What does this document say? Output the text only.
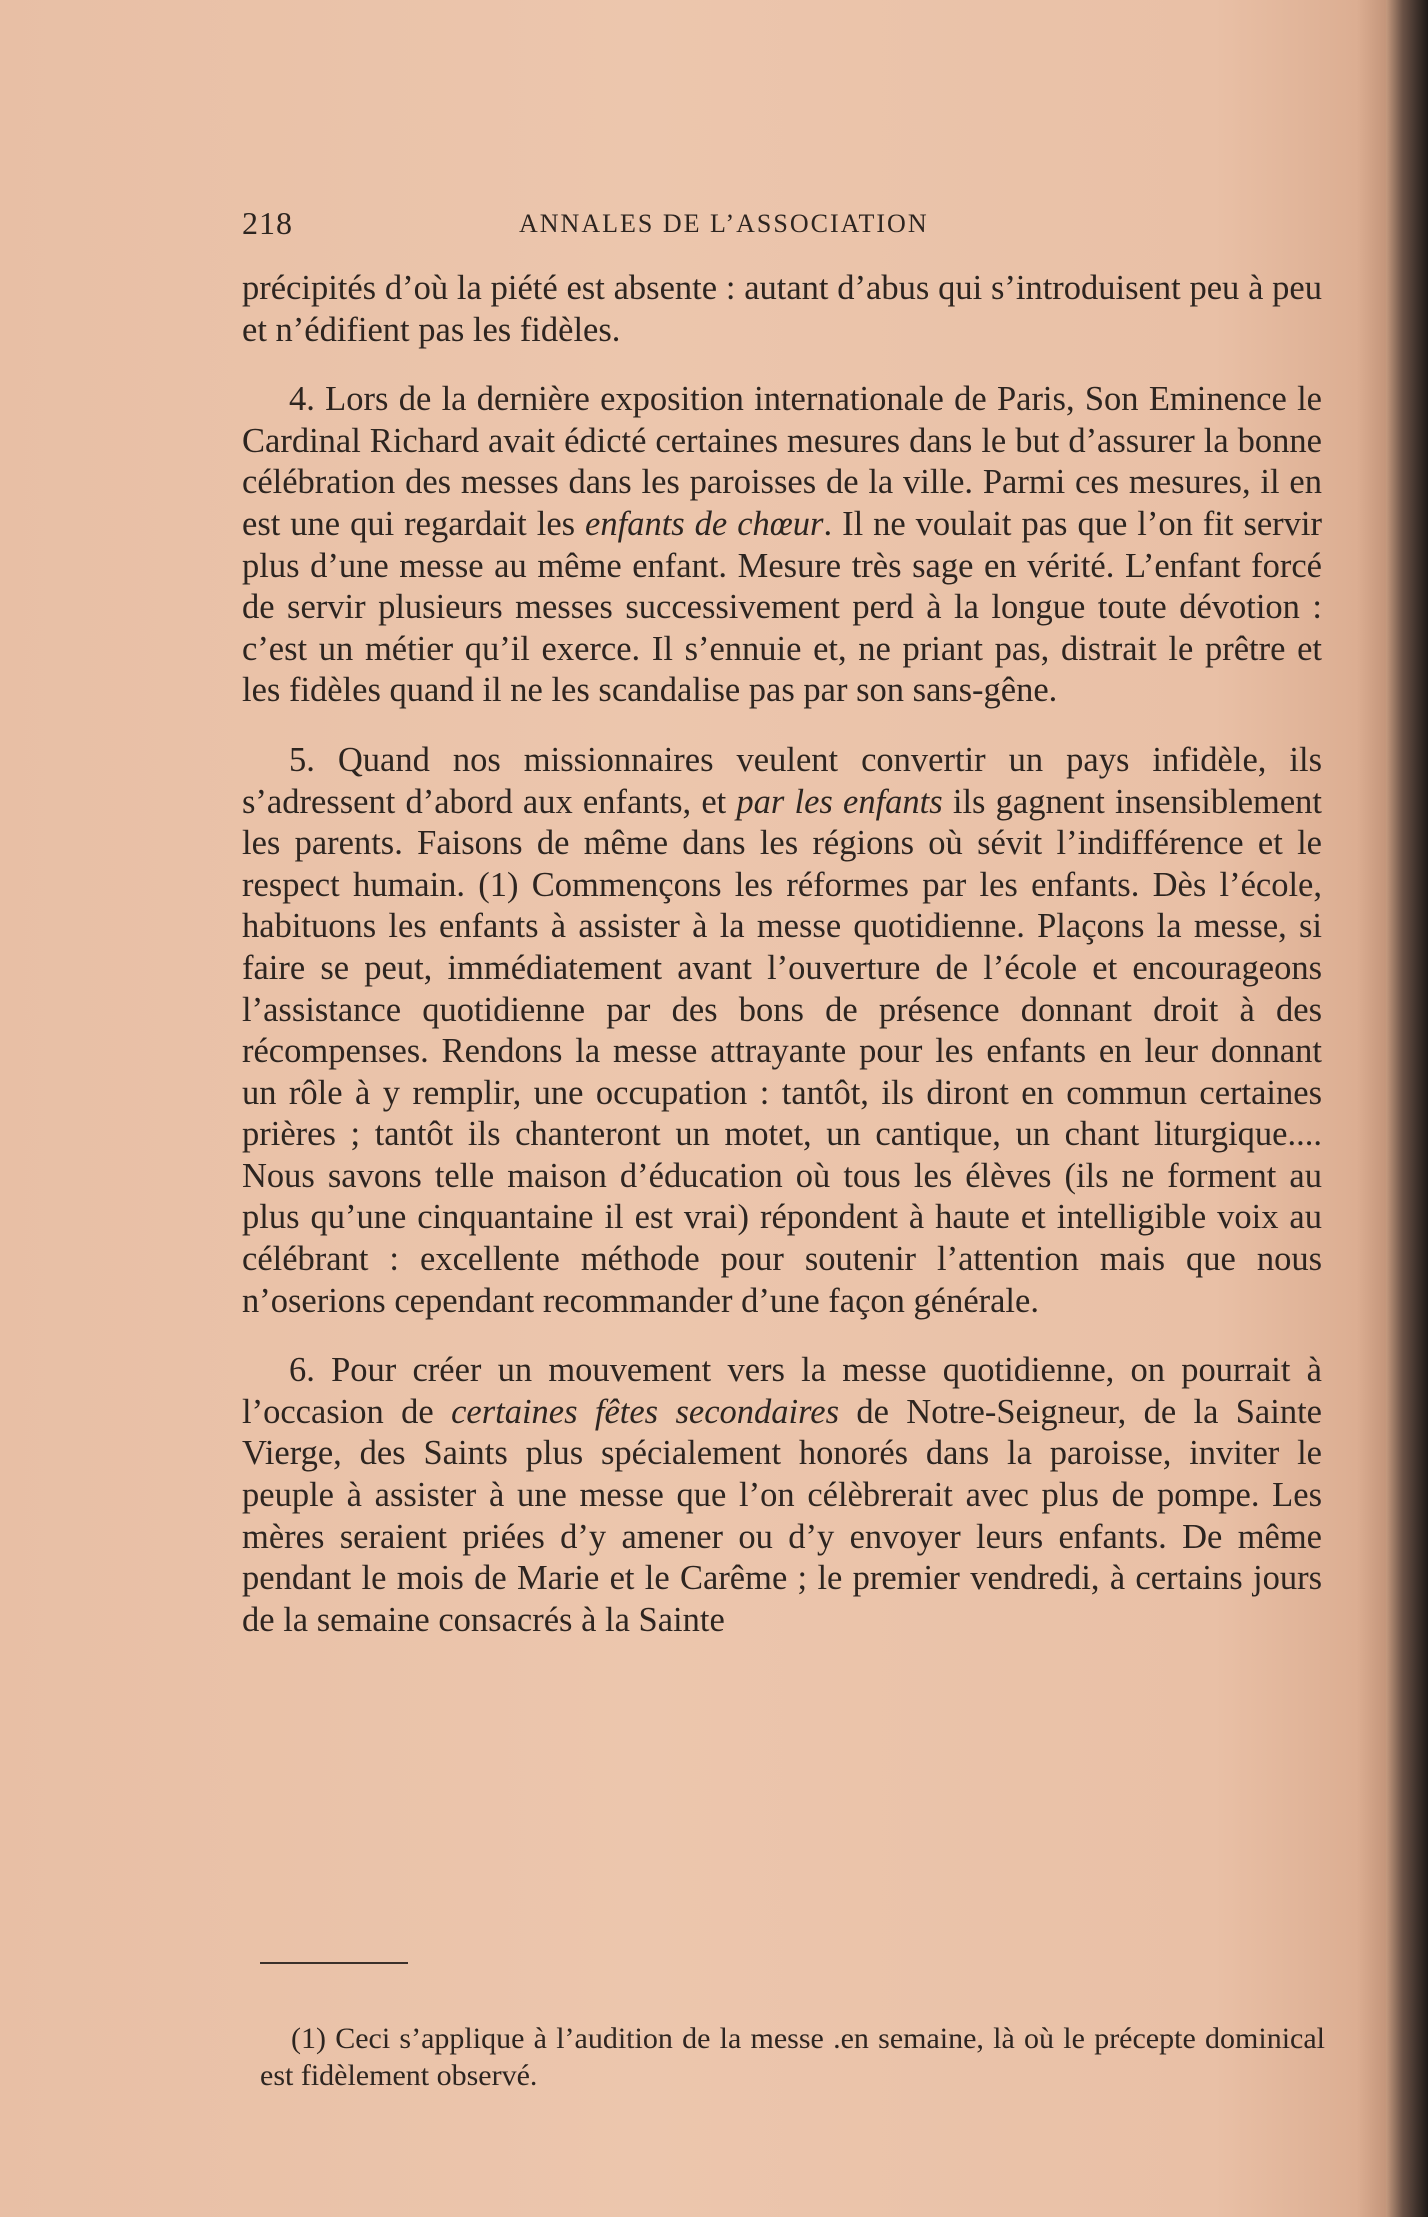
218	ANNALES DE L’ASSOCIATION

précipités d’où la piété est absente : autant d’abus qui s’introduisent peu à peu et n’édifient pas les fidèles.

4. Lors de la dernière exposition internationale de Paris, Son Eminence le Cardinal Richard avait édicté certaines mesures dans le but d’assurer la bonne célébration des messes dans les paroisses de la ville. Parmi ces mesures, il en est une qui regardait les enfants de chœur. Il ne voulait pas que l’on fit servir plus d’une messe au même enfant. Mesure très sage en vérité. L’enfant forcé de servir plusieurs messes successivement perd à la longue toute dévotion : c’est un métier qu’il exerce. Il s’ennuie et, ne priant pas, distrait le prêtre et les fidèles quand il ne les scandalise pas par son sans-gêne.

5. Quand nos missionnaires veulent convertir un pays infidèle, ils s’adressent d’abord aux enfants, et par les enfants ils gagnent insensiblement les parents. Faisons de même dans les régions où sévit l’indifférence et le respect humain. (1) Commençons les réformes par les enfants. Dès l’école, habituons les enfants à assister à la messe quotidienne. Plaçons la messe, si faire se peut, immédiatement avant l’ouverture de l’école et encourageons l’assistance quotidienne par des bons de présence donnant droit à des récompenses. Rendons la messe attrayante pour les enfants en leur donnant un rôle à y remplir, une occupation : tantôt, ils diront en commun certaines prières ; tantôt ils chanteront un motet, un cantique, un chant liturgique.... Nous savons telle maison d’éducation où tous les élèves (ils ne forment au plus qu’une cinquantaine il est vrai) répondent à haute et intelligible voix au célébrant : excellente méthode pour soutenir l’attention mais que nous n’oserions cependant recommander d’une façon générale.

6. Pour créer un mouvement vers la messe quotidienne, on pourrait à l’occasion de certaines fêtes secondaires de Notre-Seigneur, de la Sainte Vierge, des Saints plus spécialement honorés dans la paroisse, inviter le peuple à assister à une messe que l’on célèbrerait avec plus de pompe. Les mères seraient priées d’y amener ou d’y envoyer leurs enfants. De même pendant le mois de Marie et le Carême ; le premier vendredi, à certains jours de la semaine consacrés à la Sainte

(1) Ceci s’applique à l’audition de la messe .en semaine, là où le précepte dominical est fidèlement observé.
